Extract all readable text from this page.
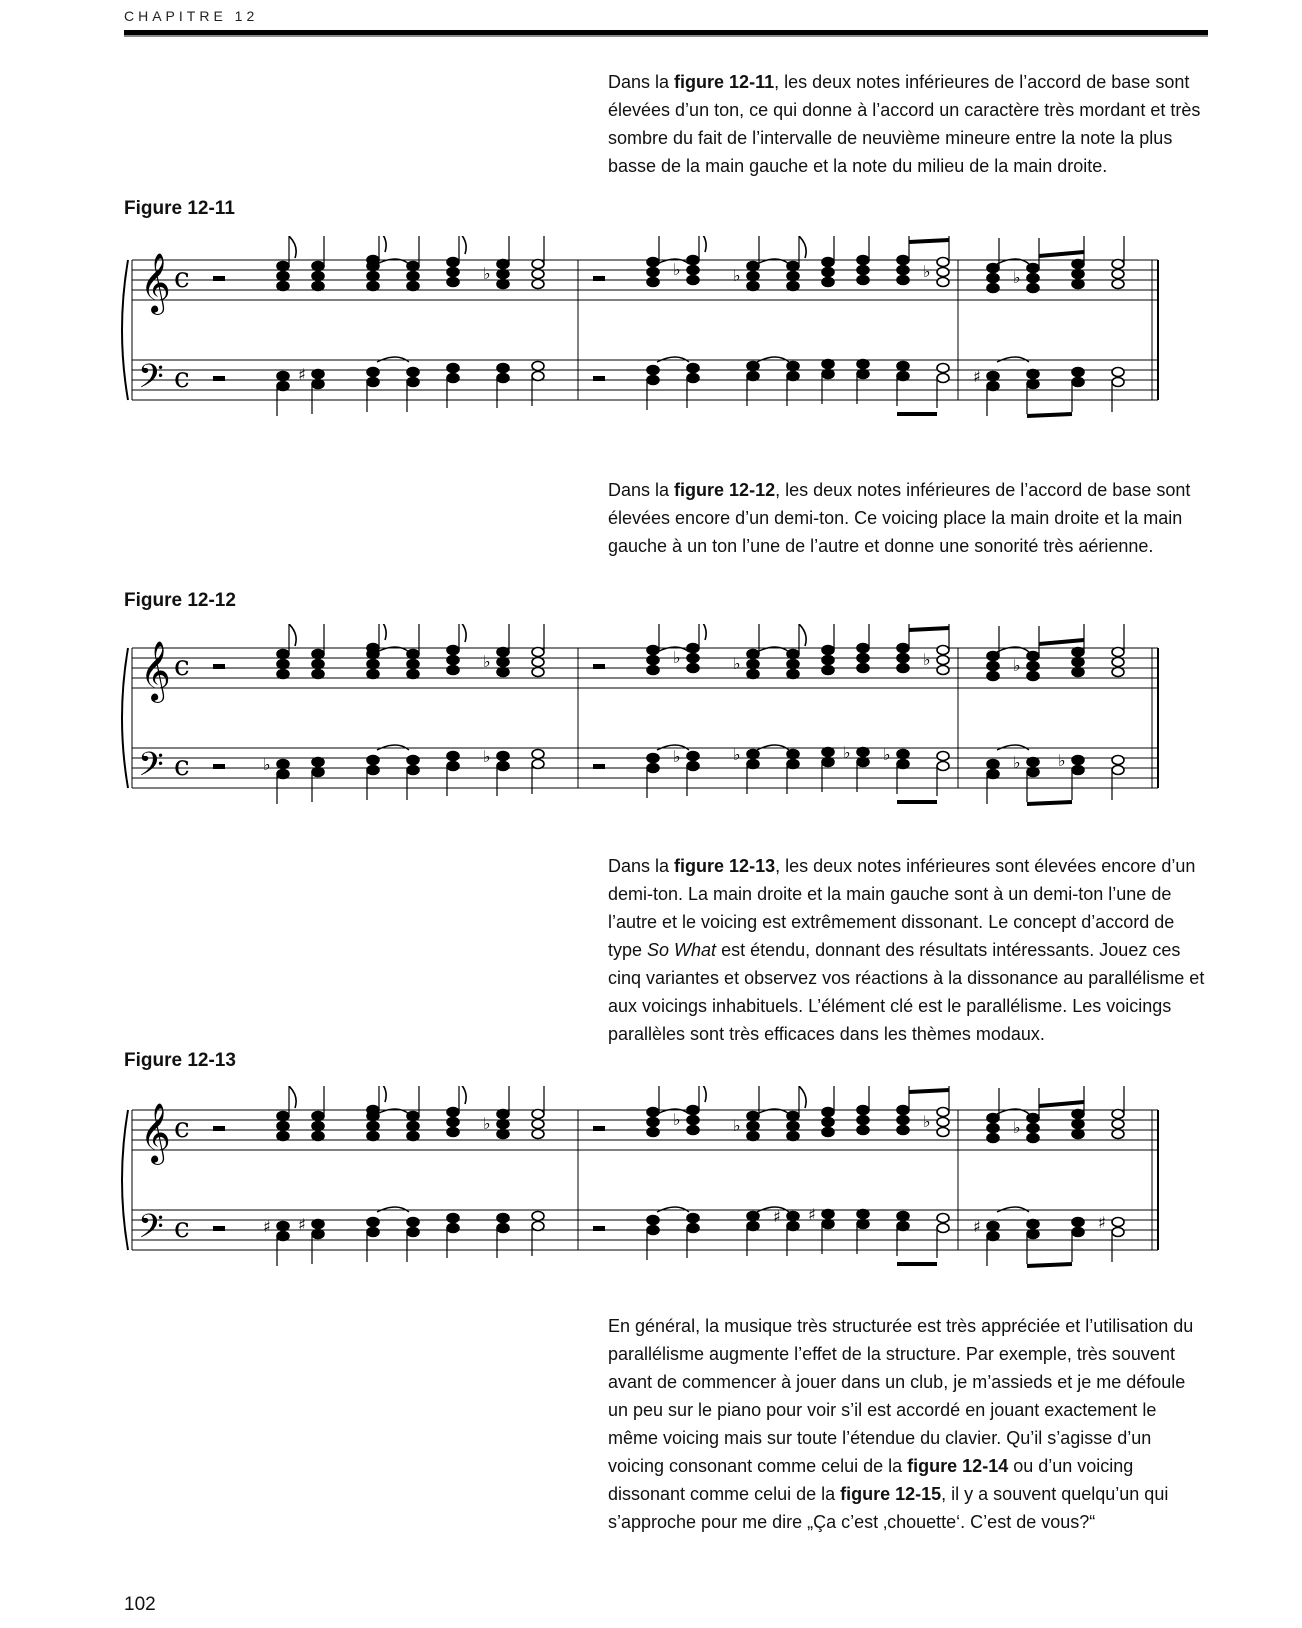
CHAPITRE 12
Dans la figure 12-11, les deux notes inférieures de l’accord de base sont élevées d’un ton, ce qui donne à l’accord un caractère très mordant et très sombre du fait de l’intervalle de neuvième mineure entre la note la plus basse de la main gauche et la note du milieu de la main droite.
Figure 12-11
𝄞
𝄢
c
c	♯
♭	♭	♭	♭
♯
♭
Dans la figure 12-12, les deux notes inférieures de l’accord de base sont élevées encore d’un demi-ton. Ce voicing place la main droite et la main gauche à un ton l’une de l’autre et donne une sonorité très aérienne.
Figure 12-12
𝄞
𝄢
c
c	♭
♭
♭
♭
♭
♭
♭	♭ ♭
♭	♭
♭ ♭
Dans la figure 12-13, les deux notes inférieures sont élevées encore d’un demi-ton. La main droite et la main gauche sont à un demi-ton l’une de l’autre et le voicing est extrêmement dissonant. Le concept d’accord de type So What est étendu, donnant des résultats intéressants. Jouez ces cinq variantes et observez vos réactions à la dissonance au parallélisme et aux voicings inhabituels. L’élément clé est le parallélisme. Les voicings parallèles sont très efficaces dans les thèmes modaux.
Figure 12-13
𝄞
𝄢
c
c	♯ ♯
♭	♭	♭
♯ ♯
♭
♯
♭
♯
En général, la musique très structurée est très appréciée et l’utilisation du parallélisme augmente l’effet de la structure. Par exemple, très souvent avant de commencer à jouer dans un club, je m’assieds et je me défoule un peu sur le piano pour voir s’il est accordé en jouant exactement le même voicing mais sur toute l’étendue du clavier. Qu’il s’agisse d’un voicing consonant comme celui de la figure 12-14 ou d’un voicing dissonant comme celui de la figure 12-15, il y a souvent quelqu’un qui s’approche pour me dire „Ça c’est ‚chouette‘. C’est de vous?“
102
